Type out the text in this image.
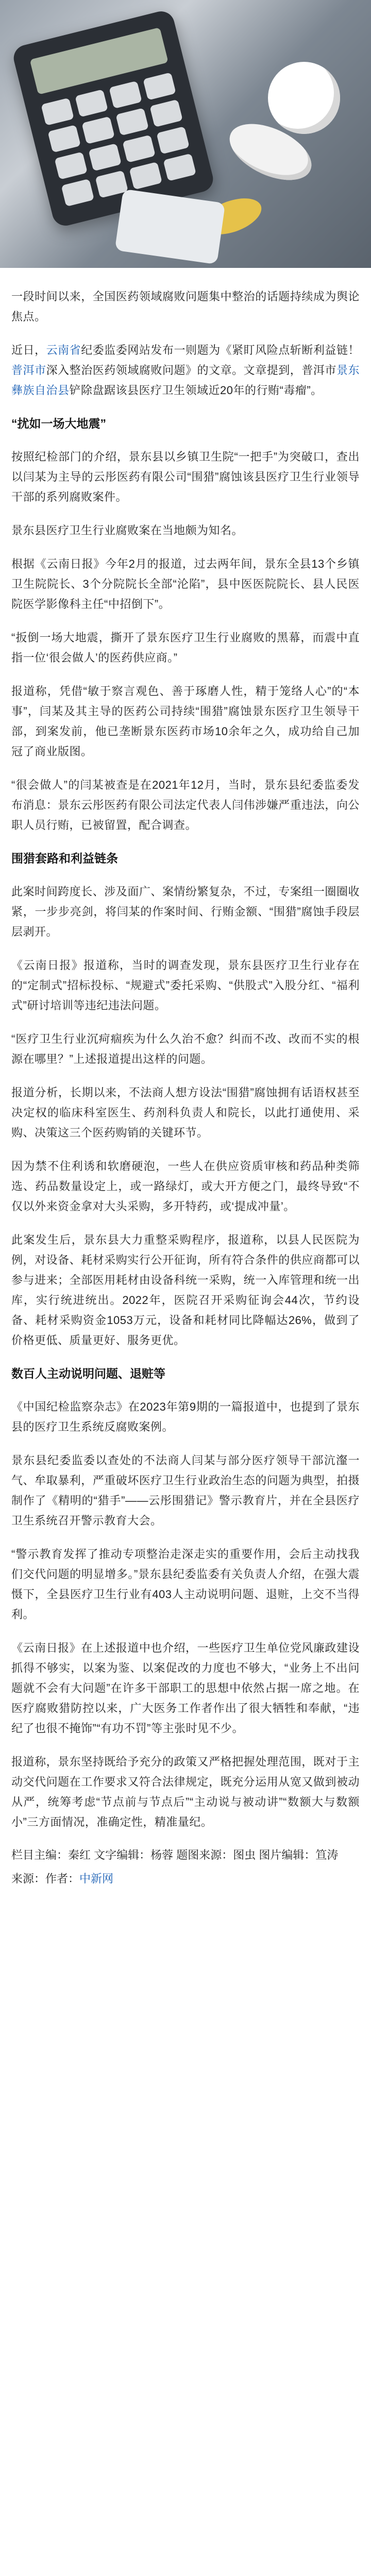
一段时间以来，全国医药领域腐败问题集中整治的话题持续成为舆论焦点。

近日，云南省纪委监委网站发布一则题为《紧盯风险点斩断利益链！普洱市深入整治医药领域腐败问题》的文章。文章提到，普洱市景东彝族自治县铲除盘踞该县医疗卫生领域近20年的行贿“毒瘤”。

“扰如一场大地震”

按照纪检部门的介绍，景东县以乡镇卫生院“一把手”为突破口，查出以闫某为主导的云彤医药有限公司“围猎”腐蚀该县医疗卫生行业领导干部的系列腐败案件。

景东县医疗卫生行业腐败案在当地颇为知名。

根据《云南日报》今年2月的报道，过去两年间，景东全县13个乡镇卫生院院长、3个分院院长全部“沦陷”，县中医医院院长、县人民医院医学影像科主任“中招倒下”。

“扳倒一场大地震，撕开了景东医疗卫生行业腐败的黑幕，而震中直指一位‘很会做人’的医药供应商。”

报道称，凭借“敏于察言观色、善于琢磨人性，精于笼络人心”的“本事”，闫某及其主导的医药公司持续“围猎”腐蚀景东医疗卫生领导干部，到案发前，他已垄断景东医药市场10余年之久，成功给自己加冠了商业版图。

“很会做人”的闫某被查是在2021年12月，当时，景东县纪委监委发布消息：景东云彤医药有限公司法定代表人闫伟涉嫌严重违法，向公职人员行贿，已被留置，配合调查。

围猎套路和利益链条

此案时间跨度长、涉及面广、案情纷繁复杂，不过，专案组一圈圈收紧，一步步亮剑，将闫某的作案时间、行贿金额、“围猎”腐蚀手段层层剥开。

《云南日报》报道称，当时的调查发现，景东县医疗卫生行业存在的“定制式”招标投标、“规避式”委托采购、“供股式”入股分红、“福利式”研讨培训等违纪违法问题。

“医疗卫生行业沉疴痼疾为什么久治不愈？纠而不改、改而不实的根源在哪里？”上述报道提出这样的问题。

报道分析，长期以来，不法商人想方设法“围猎”腐蚀拥有话语权甚至决定权的临床科室医生、药剂科负责人和院长，以此打通使用、采购、决策这三个医药购销的关键环节。

因为禁不住利诱和软磨硬泡，一些人在供应资质审核和药品种类筛选、药品数量设定上，或一路绿灯，或大开方便之门，最终导致“不仅以外来资金拿对大头采购，多开特药，或‘提成冲量’。

此案发生后，景东县大力重整采购程序，报道称，以县人民医院为例，对设备、耗材采购实行公开征询，所有符合条件的供应商都可以参与进来；全部医用耗材由设备科统一采购，统一入库管理和统一出库，实行统进统出。2022年，医院召开采购征询会44次，节约设备、耗材采购资金1053万元，设备和耗材同比降幅达26%，做到了价格更低、质量更好、服务更优。

数百人主动说明问题、退赃等

《中国纪检监察杂志》在2023年第9期的一篇报道中，也提到了景东县的医疗卫生系统反腐败案例。

景东县纪委监委以查处的不法商人闫某与部分医疗领导干部沆瀣一气、牟取暴利，严重破坏医疗卫生行业政治生态的问题为典型，拍摄制作了《精明的“猎手”——云彤围猎记》警示教育片，并在全县医疗卫生系统召开警示教育大会。

“警示教育发挥了推动专项整治走深走实的重要作用，会后主动找我们交代问题的明显增多。”景东县纪委监委有关负责人介绍，在强大震慑下，全县医疗卫生行业有403人主动说明问题、退赃，上交不当得利。

《云南日报》在上述报道中也介绍，一些医疗卫生单位党风廉政建设抓得不够实，以案为鉴、以案促改的力度也不够大，“业务上不出问题就不会有大问题”在许多干部职工的思想中依然占据一席之地。在医疗腐败猎防控以来，广大医务工作者作出了很大牺牲和奉献，“违纪了也很不掩饰”“有功不罚”等主张时见不少。

报道称，景东坚持既给予充分的政策又严格把握处理范围，既对于主动交代问题在工作要求又符合法律规定，既充分运用从宽又做到被动从严，统筹考虑“节点前与节点后”“主动说与被动讲”“数额大与数额小”三方面情况，准确定性，精准量纪。

栏目主编：秦红 文字编辑：杨蓉 题图来源：图虫 图片编辑：笪涛

来源：作者：中新网
